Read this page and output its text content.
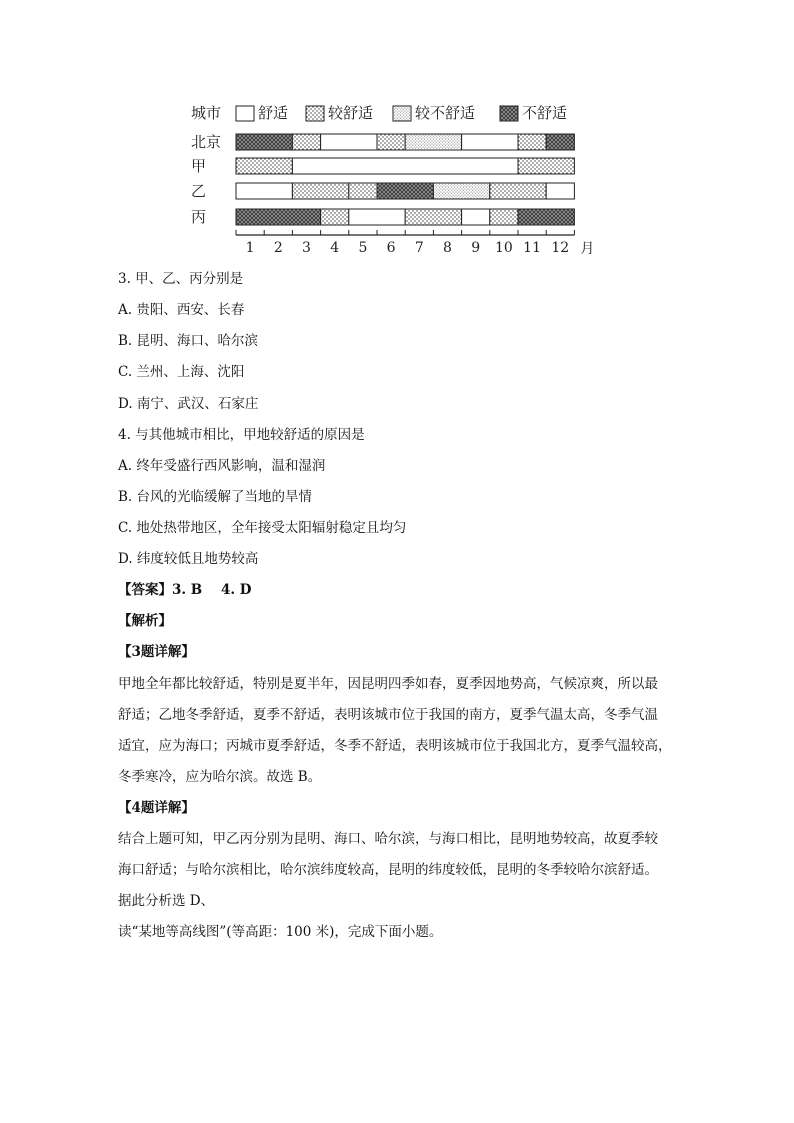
城市 舒适	较舒适	较不舒适	不舒适
北京
甲
乙
丙
1 2 3 4 5 6 7 8 9 10 11 12 月
3. 甲、乙、丙分别是
A. 贵阳、西安、长春
B. 昆明、海口、哈尔滨
C. 兰州、上海、沈阳
D. 南宁、武汉、石家庄
4. 与其他城市相比，甲地较舒适的原因是
A. 终年受盛行西风影响，温和湿润
B. 台风的光临缓解了当地的旱情
C. 地处热带地区，全年接受太阳辐射稳定且均匀
D. 纬度较低且地势较高
【答案】3. B    4. D
【解析】
【3题详解】
甲地全年都比较舒适，特别是夏半年，因昆明四季如春，夏季因地势高，气候凉爽，所以最
舒适；乙地冬季舒适，夏季不舒适，表明该城市位于我国的南方，夏季气温太高，冬季气温
适宜，应为海口；丙城市夏季舒适，冬季不舒适，表明该城市位于我国北方，夏季气温较高，
冬季寒冷，应为哈尔滨。故选 B。
【4题详解】
结合上题可知，甲乙丙分别为昆明、海口、哈尔滨，与海口相比，昆明地势较高，故夏季较
海口舒适；与哈尔滨相比，哈尔滨纬度较高，昆明的纬度较低，昆明的冬季较哈尔滨舒适。
据此分析选 D、
读“某地等高线图”(等高距：100 米)，完成下面小题。
